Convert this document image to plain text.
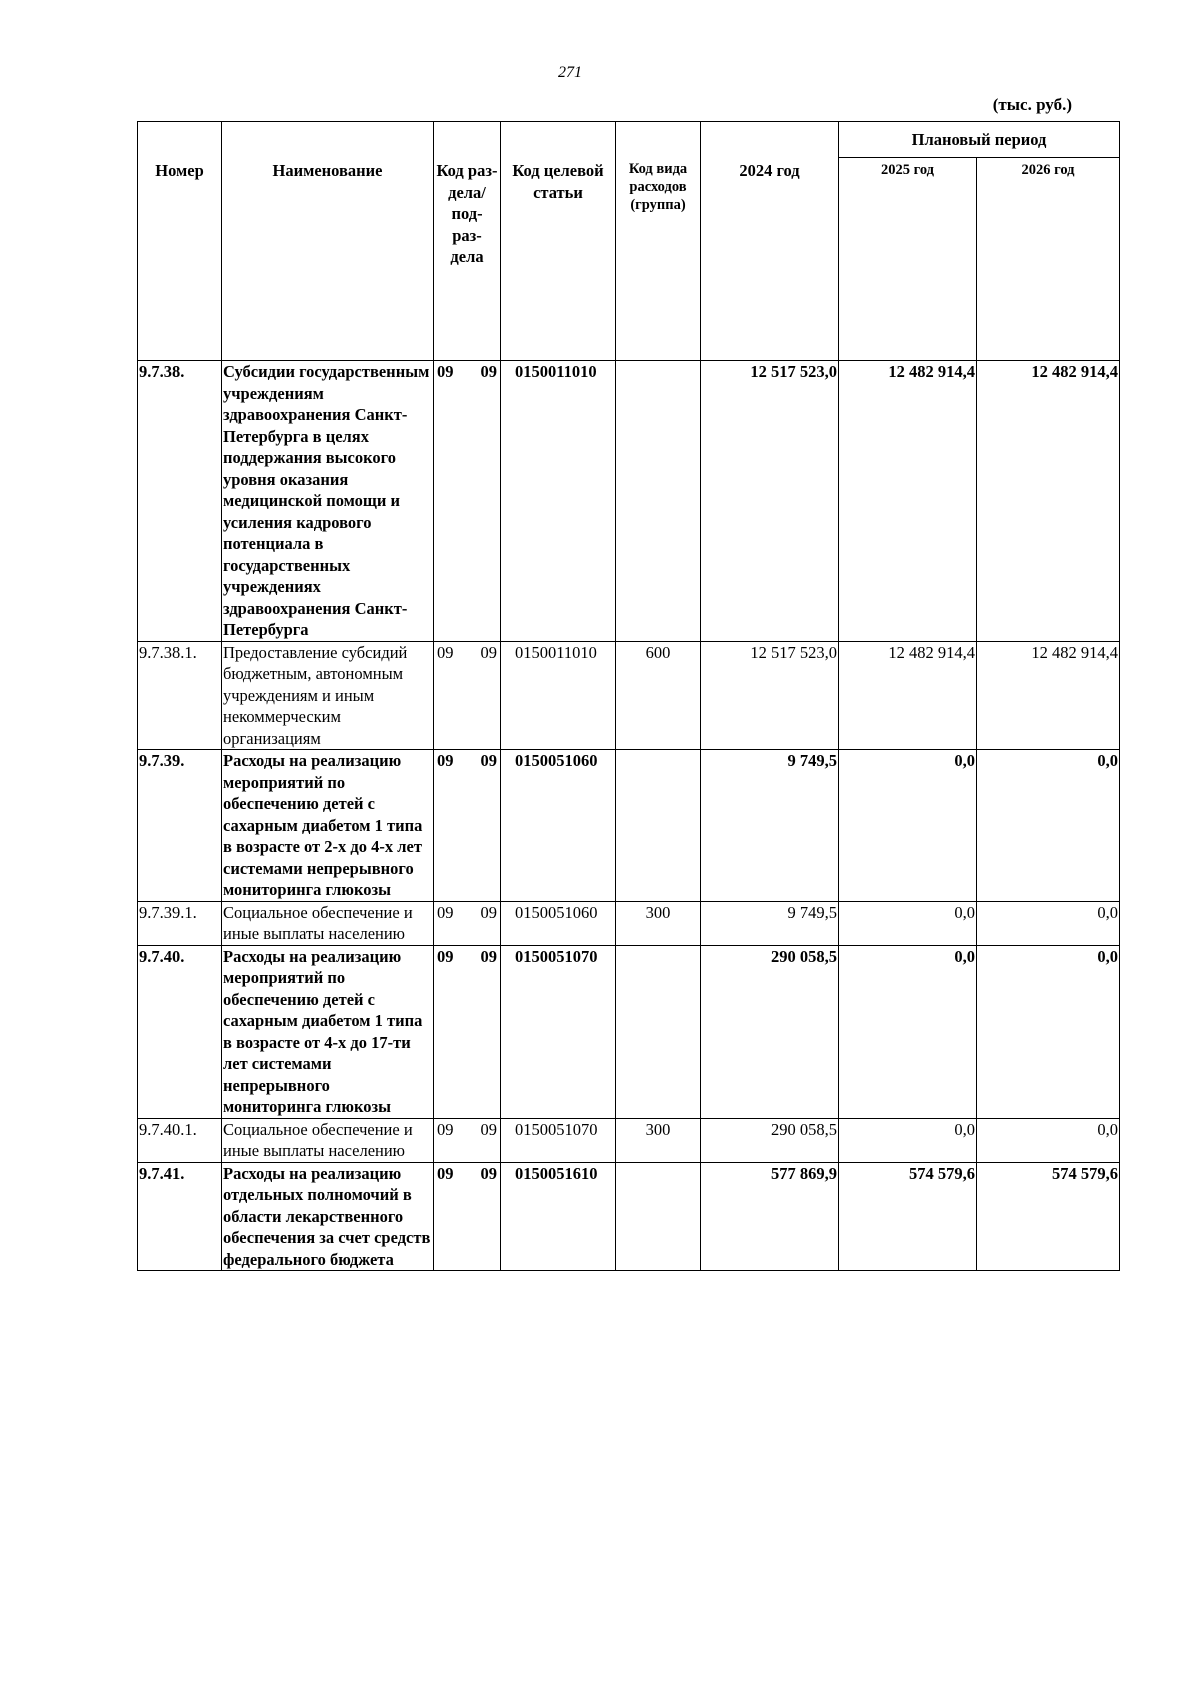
271
(тыс. руб.)
Номер	Наименование	Код раз- дела/ под- раз- дела	Код целевой статьи	Код вида расходов (группа)	2024 год	Плановый период	
						2025 год	2026 год
9.7.38.	Субсидии государственным учреждениям здравоохранения Санкт-Петербурга в целях поддержания высокого уровня оказания медицинской помощи и усиления кадрового потенциала в государственных учреждениях здравоохранения Санкт-Петербурга	09 09	0150011010		12 517 523,0	12 482 914,4	12 482 914,4
9.7.38.1.	Предоставление субсидий бюджетным, автономным учреждениям и иным некоммерческим организациям	09 09	0150011010	600	12 517 523,0	12 482 914,4	12 482 914,4
9.7.39.	Расходы на реализацию мероприятий по обеспечению детей с сахарным диабетом 1 типа в возрасте от 2-х до 4-х лет системами непрерывного мониторинга глюкозы	09 09	0150051060		9 749,5	0,0	0,0
9.7.39.1.	Социальное обеспечение и иные выплаты населению	09 09	0150051060	300	9 749,5	0,0	0,0
9.7.40.	Расходы на реализацию мероприятий по обеспечению детей с сахарным диабетом 1 типа в возрасте от 4-х до 17-ти лет системами непрерывного мониторинга глюкозы	09 09	0150051070		290 058,5	0,0	0,0
9.7.40.1.	Социальное обеспечение и иные выплаты населению	09 09	0150051070	300	290 058,5	0,0	0,0
9.7.41.	Расходы на реализацию отдельных полномочий в области лекарственного обеспечения за счет средств федерального бюджета	09 09	0150051610		577 869,9	574 579,6	574 579,6
